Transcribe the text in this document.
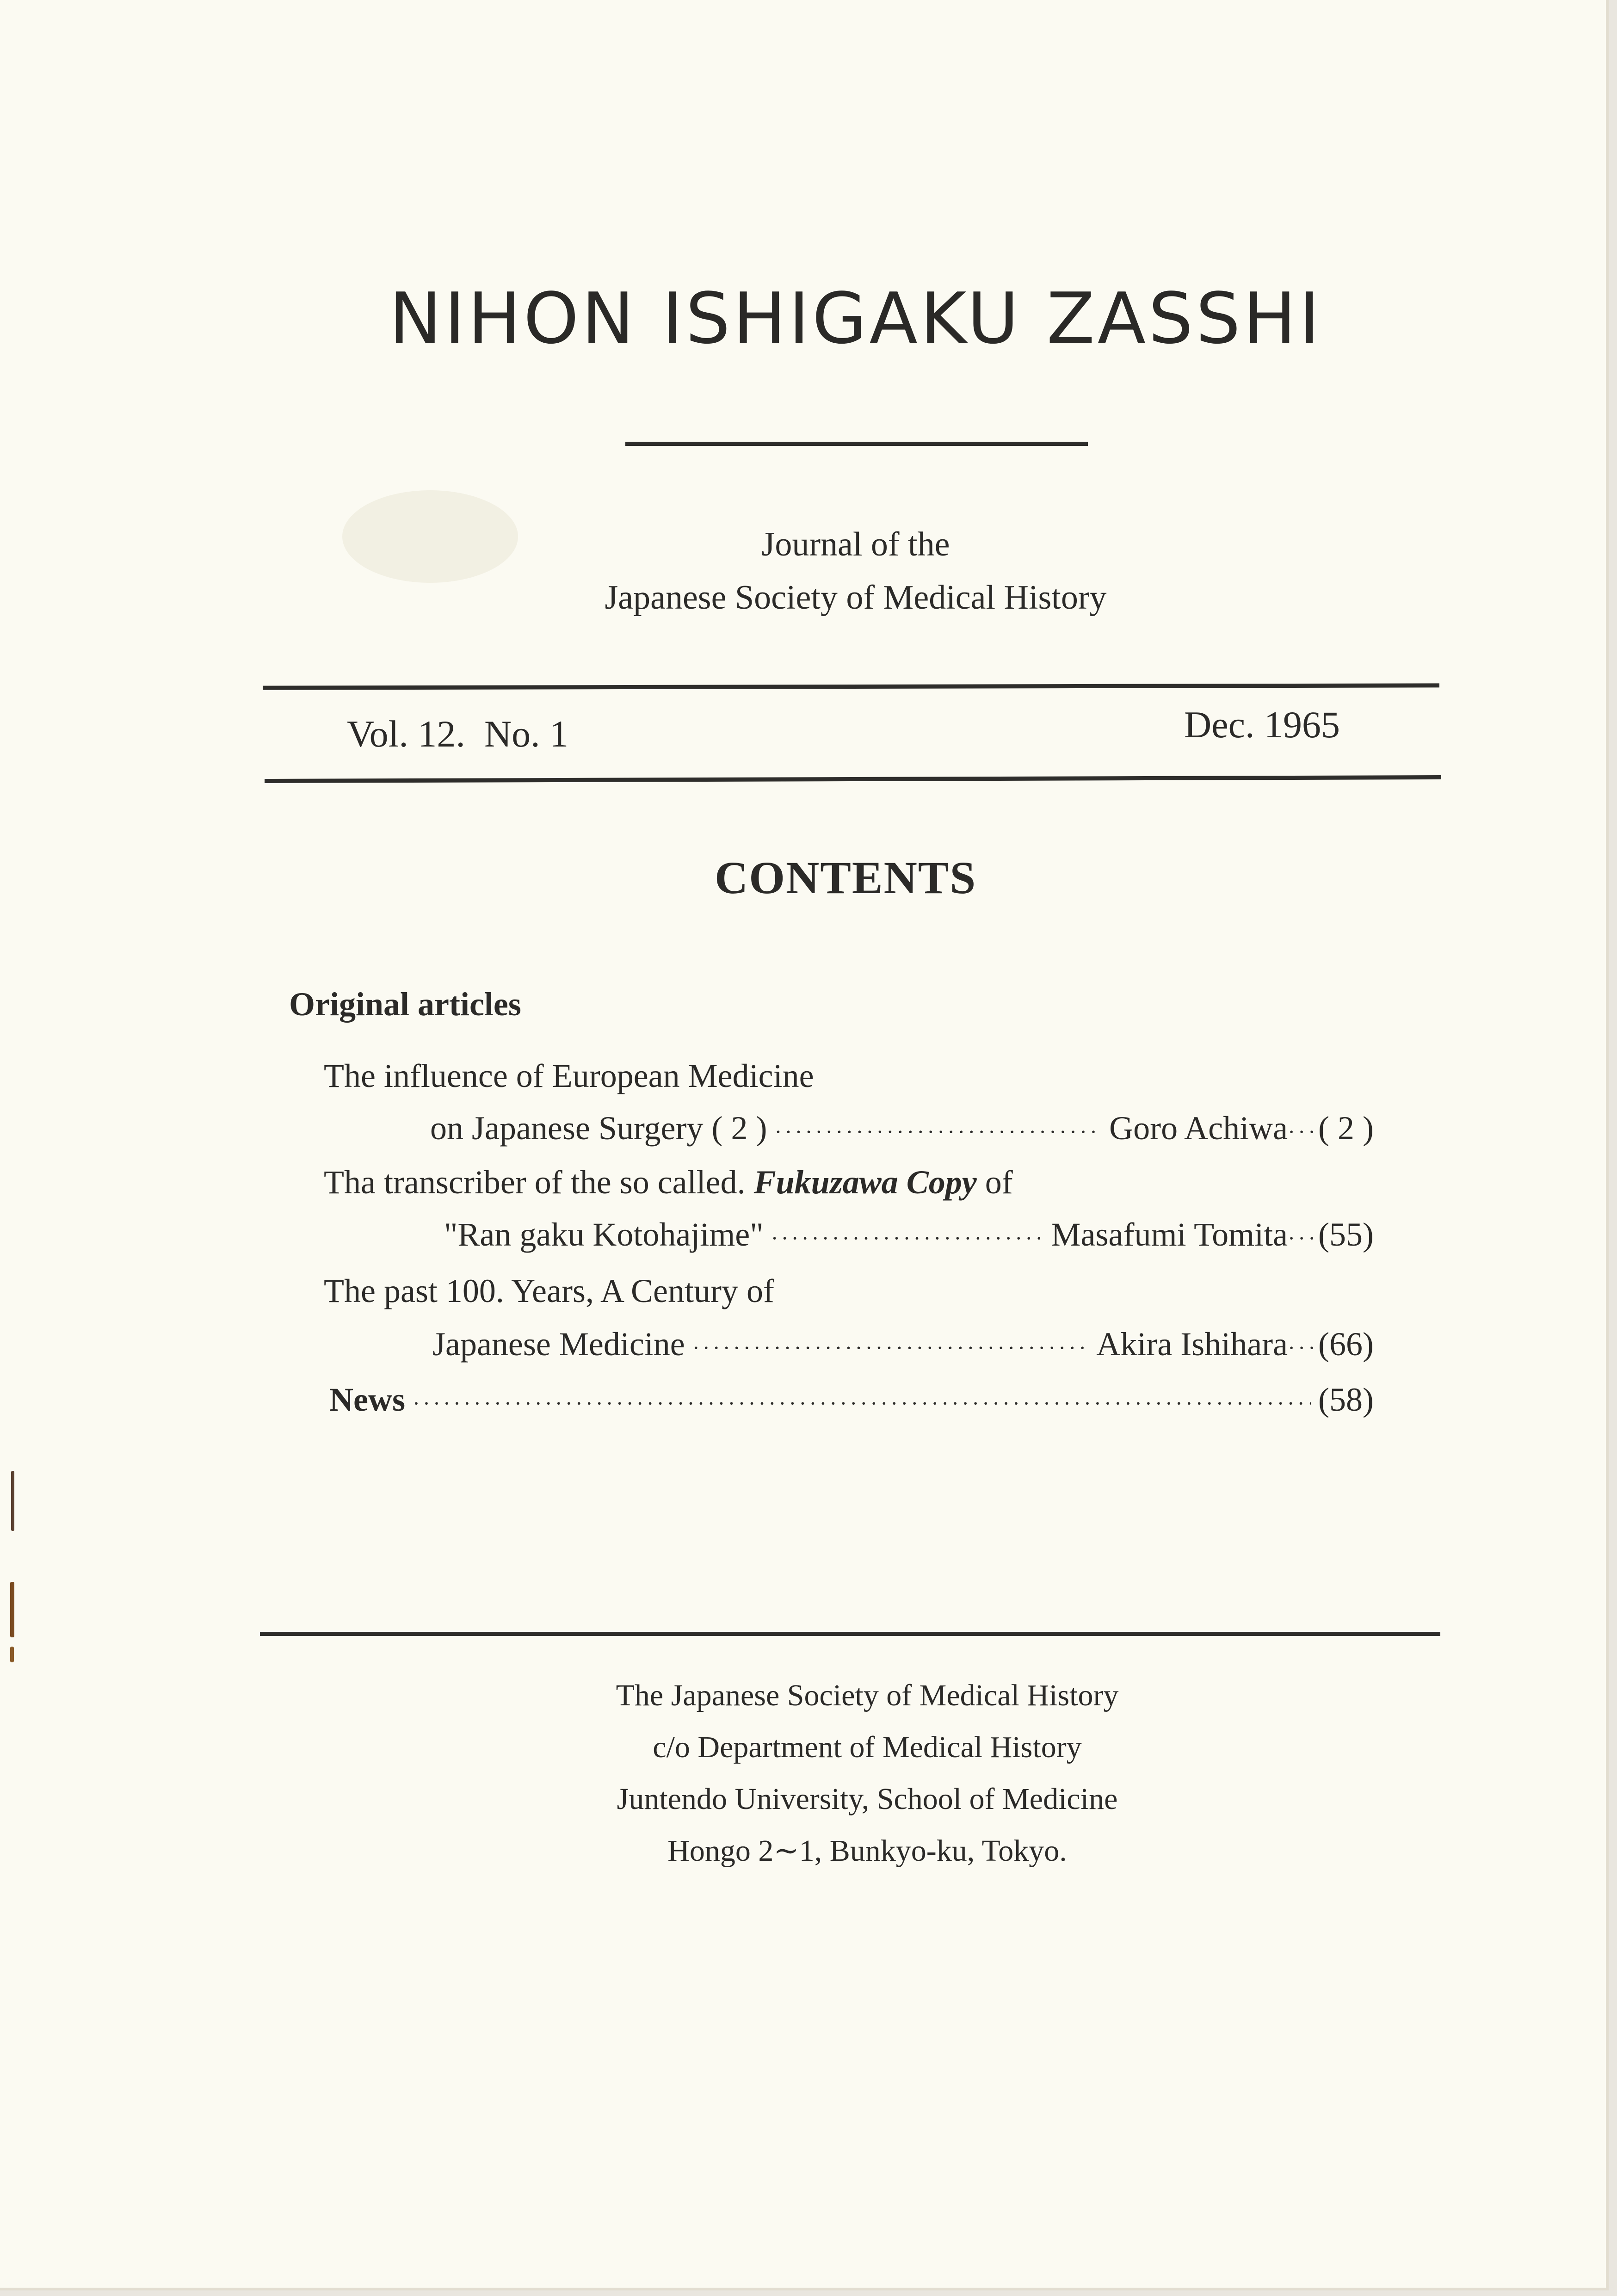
NIHON ISHIGAKU ZASSHI
Journal of the
Japanese Society of Medical History
Vol. 12. No. 1	Dec. 1965
CONTENTS
Original articles
The influence of European Medicine
on Japanese Surgery ( 2 ) ·····	Goro Achiwa ··· ( 2 )
Tha transcriber of the so called. Fukuzawa Copy of
"Ran gaku Kotohajime" ·····	Masafumi Tomita ··· (55)
The past 100. Years, A Century of
Japanese Medicine ·····	Akira Ishihara ··· (66)
News ·····	(58)
The Japanese Society of Medical History
c/o Department of Medical History
Juntendo University, School of Medicine
Hongo 2∼1, Bunkyo-ku, Tokyo.
